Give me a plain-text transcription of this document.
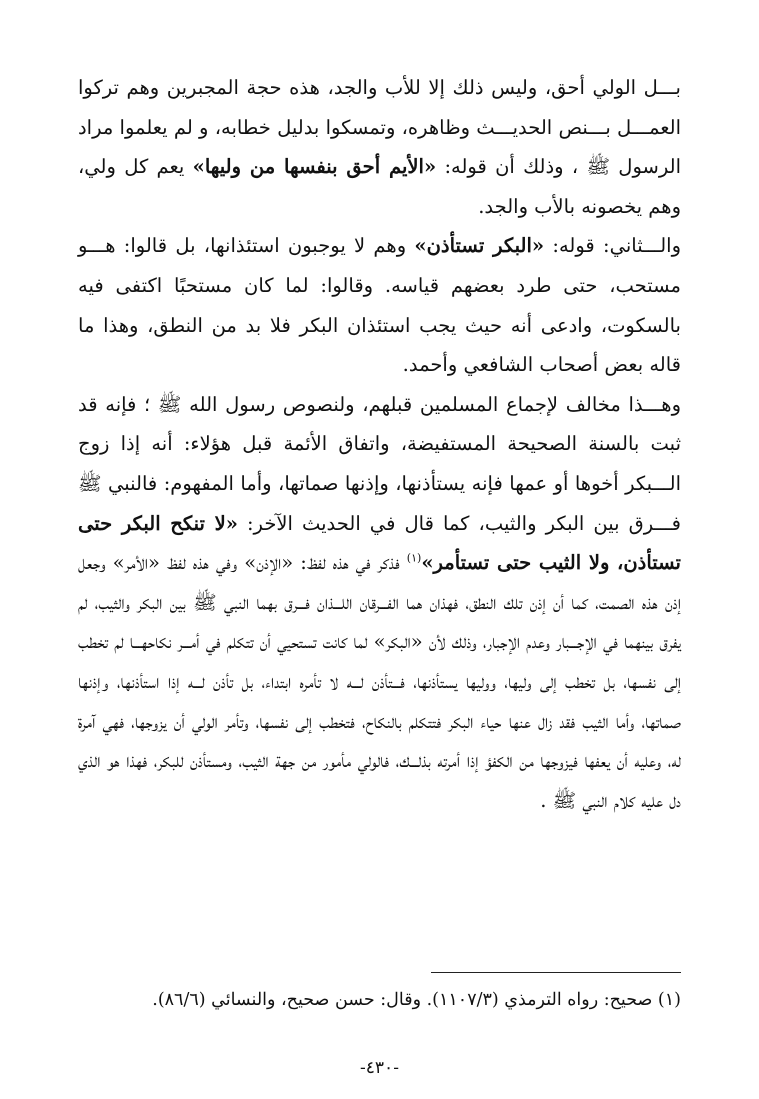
بـــل الولي أحق، وليس ذلك إلا للأب والجد، هذه حجة المجبرين وهم تركوا العمـــل بـــنص الحديـــث وظاهره، وتمسكوا بدليل خطابه، و لم يعلموا مراد الرسول ﷺ ، وذلك أن قوله: «الأيم أحق بنفسها من وليها» يعم كل ولي، وهم يخصونه بالأب والجد.

والـــثاني: قوله: «البكر تستأذن» وهم لا يوجبون استئذانها، بل قالوا: هـــو مستحب، حتى طرد بعضهم قياسه. وقالوا: لما كان مستحبًا اكتفى فيه بالسكوت، وادعى أنه حيث يجب استئذان البكر فلا بد من النطق، وهذا ما قاله بعض أصحاب الشافعي وأحمد.

وهـــذا مخالف لإجماع المسلمين قبلهم، ولنصوص رسول الله ﷺ ؛ فإنه قد ثبت بالسنة الصحيحة المستفيضة، واتفاق الأئمة قبل هؤلاء: أنه إذا زوج الـــبكر أخوها أو عمها فإنه يستأذنها، وإذنها صماتها، وأما المفهوم: فالنبي ﷺ فـــرق بين البكر والثيب، كما قال في الحديث الآخر: «لا تنكح البكر حتى تستأذن، ولا الثيب حتى تستأمر»$^{(١)}$ فذكر في هذه لفظ: «الإذن» وفي هذه لفظ «الأمر» وجعل إذن هذه الصمت، كما أن إذن تلك النطق، فهذان هما الفـــرقان اللـــذان فـــرق بهما النبي ﷺ بين البكر والثيب، لم يفرق بينهما في الإجـــبار وعدم الإجبار، وذلك لأن «البكر» لما كانت تستحيي أن تتكلم في أمـــر نكاحهـــا لم تخطب إلى نفسها، بل تخطب إلى وليها، ووليها يستأذنها، فـــتأذن لـــه لا تأمره ابتداء، بل تأذن لـــه إذا استأذنها، وإذنها صماتها، وأما الثيب فقد زال عنها حياء البكر فتتكلم بالنكاح، فتخطب إلى نفسها، وتأمر الولي أن يزوجها، فهي آمرة له، وعليه أن يعفها فيزوجها من الكفؤ إذا أمرته بذلـــك، فالولي مأمور من جهة الثيب، ومستأذن للبكر، فهذا هو الذي دل عليه كلام النبي ﷺ .

(١) صحيح: رواه الترمذي (١١٠٧/٣). وقال: حسن صحيح، والنسائي (٨٦/٦).

-٤٣٠-
